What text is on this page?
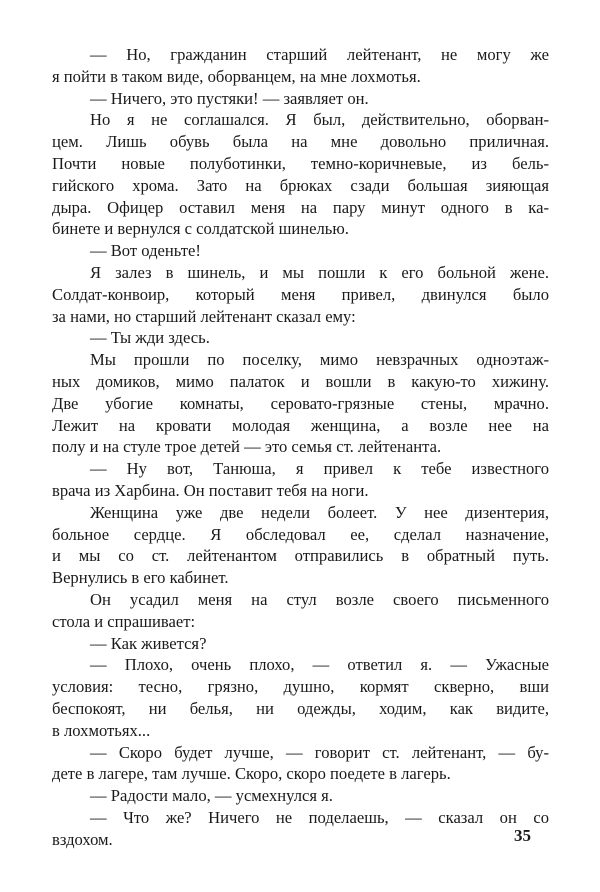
— Но, гражданин старший лейтенант, не могу же
я пойти в таком виде, оборванцем, на мне лохмотья.
— Ничего, это пустяки! — заявляет он.
Но я не соглашался. Я был, действительно, оборван-
цем. Лишь обувь была на мне довольно приличная.
Почти новые полуботинки, темно-коричневые, из бель-
гийского хрома. Зато на брюках сзади большая зияющая
дыра. Офицер оставил меня на пару минут одного в ка-
бинете и вернулся с солдатской шинелью.
— Вот оденьте!
Я залез в шинель, и мы пошли к его больной жене.
Солдат-конвоир, который меня привел, двинулся было
за нами, но старший лейтенант сказал ему:
— Ты жди здесь.
Мы прошли по поселку, мимо невзрачных одноэтаж-
ных домиков, мимо палаток и вошли в какую-то хижину.
Две убогие комнаты, серовато-грязные стены, мрачно.
Лежит на кровати молодая женщина, а возле нее на
полу и на стуле трое детей — это семья ст. лейтенанта.
— Ну вот, Танюша, я привел к тебе известного
врача из Харбина. Он поставит тебя на ноги.
Женщина уже две недели болеет. У нее дизентерия,
больное сердце. Я обследовал ее, сделал назначение,
и мы со ст. лейтенантом отправились в обратный путь.
Вернулись в его кабинет.
Он усадил меня на стул возле своего письменного
стола и спрашивает:
— Как живется?
— Плохо, очень плохо, — ответил я. — Ужасные
условия: тесно, грязно, душно, кормят скверно, вши
беспокоят, ни белья, ни одежды, ходим, как видите,
в лохмотьях...
— Скоро будет лучше, — говорит ст. лейтенант, — бу-
дете в лагере, там лучше. Скоро, скоро поедете в лагерь.
— Радости мало, — усмехнулся я.
— Что же? Ничего не поделаешь, — сказал он со
вздохом.	35
